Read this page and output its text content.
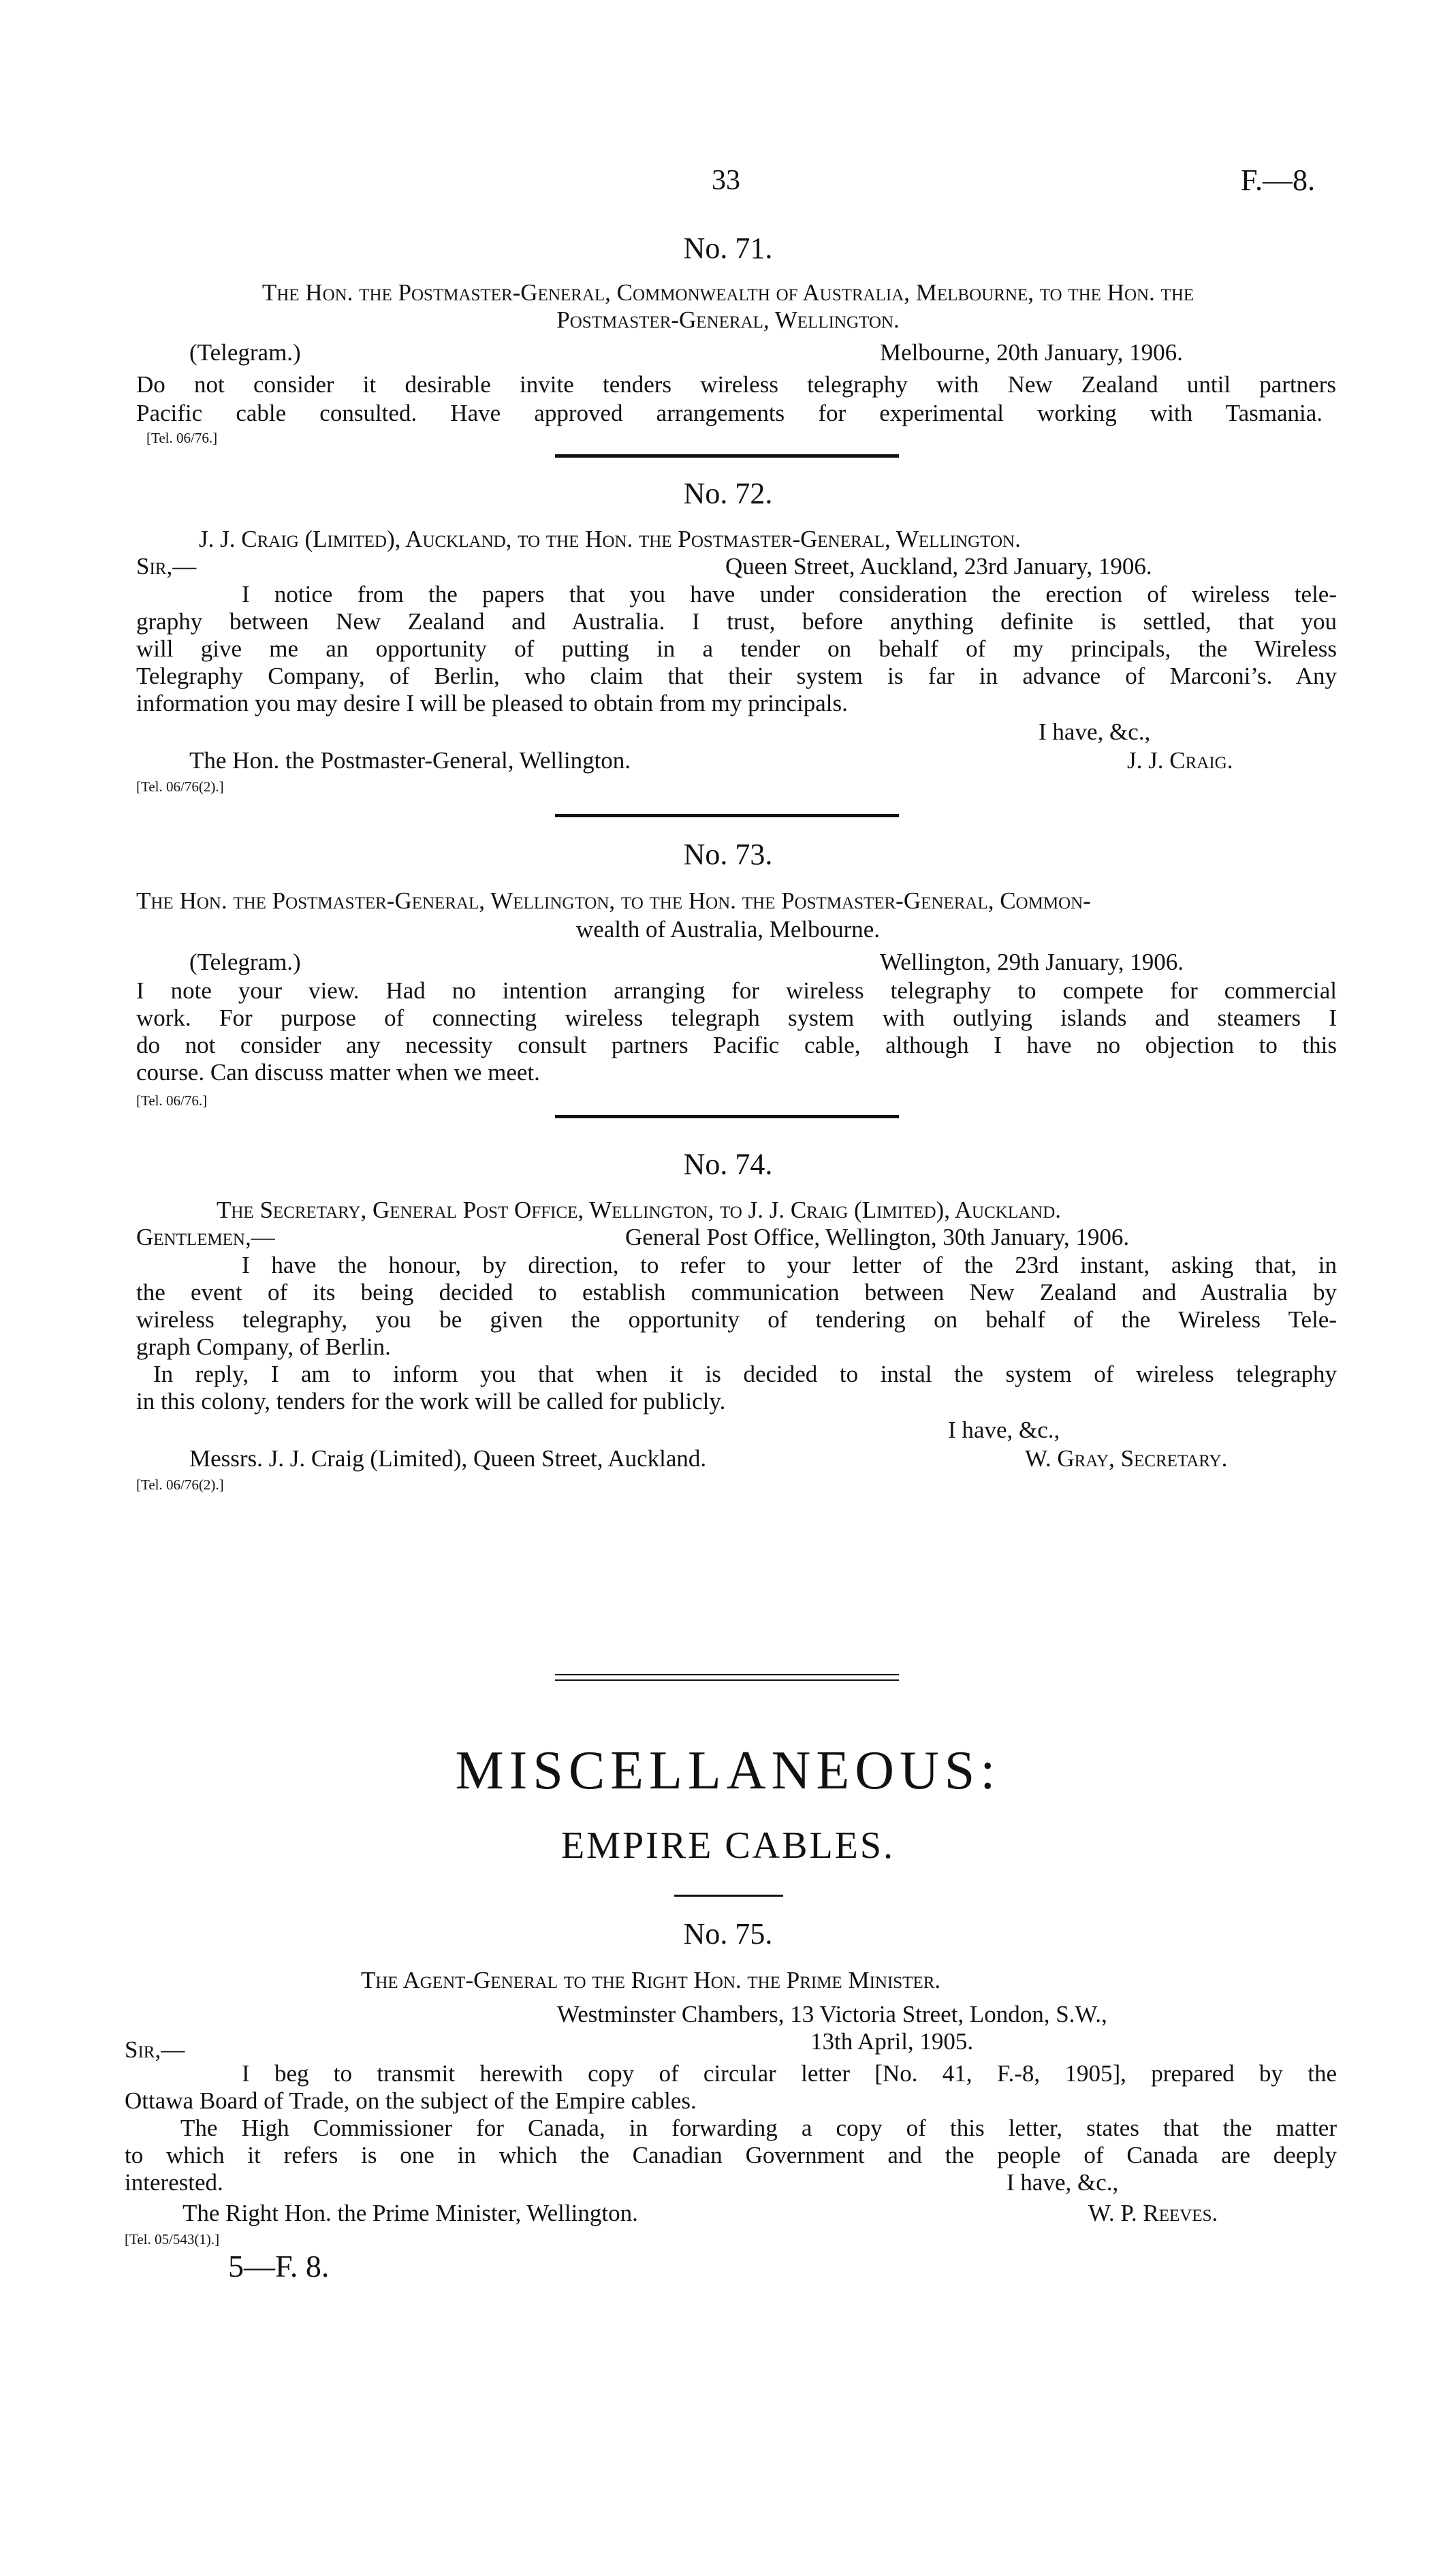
33	F.—8.
No. 71.
The Hon. the Postmaster-General, Commonwealth of Australia, Melbourne, to the Hon. the
Postmaster-General, Wellington.
(Telegram.)	Melbourne, 20th January, 1906.
Do not consider it desirable invite tenders wireless telegraphy with New Zealand until partners
Pacific cable consulted. Have approved arrangements for experimental working with Tasmania.
[Tel. 06/76.]
No. 72.
J. J. Craig (Limited), Auckland, to the Hon. the Postmaster-General, Wellington.
Sir,—	Queen Street, Auckland, 23rd January, 1906.
I notice from the papers that you have under consideration the erection of wireless tele-
graphy between New Zealand and Australia. I trust, before anything definite is settled, that you
will give me an opportunity of putting in a tender on behalf of my principals, the Wireless
Telegraphy Company, of Berlin, who claim that their system is far in advance of Marconi’s. Any
information you may desire I will be pleased to obtain from my principals.
I have, &c.,
The Hon. the Postmaster-General, Wellington.	J. J. Craig.
[Tel. 06/76(2).]
No. 73.
The Hon. the Postmaster-General, Wellington, to the Hon. the Postmaster-General, Common-
wealth of Australia, Melbourne.
(Telegram.)	Wellington, 29th January, 1906.
I note your view. Had no intention arranging for wireless telegraphy to compete for commercial
work. For purpose of connecting wireless telegraph system with outlying islands and steamers I
do not consider any necessity consult partners Pacific cable, although I have no objection to this
course. Can discuss matter when we meet.
[Tel. 06/76.]
No. 74.
The Secretary, General Post Office, Wellington, to J. J. Craig (Limited), Auckland.
Gentlemen,—	General Post Office, Wellington, 30th January, 1906.
I have the honour, by direction, to refer to your letter of the 23rd instant, asking that, in
the event of its being decided to establish communication between New Zealand and Australia by
wireless telegraphy, you be given the opportunity of tendering on behalf of the Wireless Tele-
graph Company, of Berlin.
In reply, I am to inform you that when it is decided to instal the system of wireless telegraphy
in this colony, tenders for the work will be called for publicly.
I have, &c.,
Messrs. J. J. Craig (Limited), Queen Street, Auckland.	W. Gray, Secretary.
[Tel. 06/76(2).]
MISCELLANEOUS:
EMPIRE CABLES.
No. 75.
The Agent-General to the Right Hon. the Prime Minister.
Westminster Chambers, 13 Victoria Street, London, S.W.,
Sir,—	13th April, 1905.
I beg to transmit herewith copy of circular letter [No. 41, F.-8, 1905], prepared by the
Ottawa Board of Trade, on the subject of the Empire cables.
The High Commissioner for Canada, in forwarding a copy of this letter, states that the matter
to which it refers is one in which the Canadian Government and the people of Canada are deeply
interested.	I have, &c.,
The Right Hon. the Prime Minister, Wellington.	W. P. Reeves.
[Tel. 05/543(1).]
5—F. 8.
